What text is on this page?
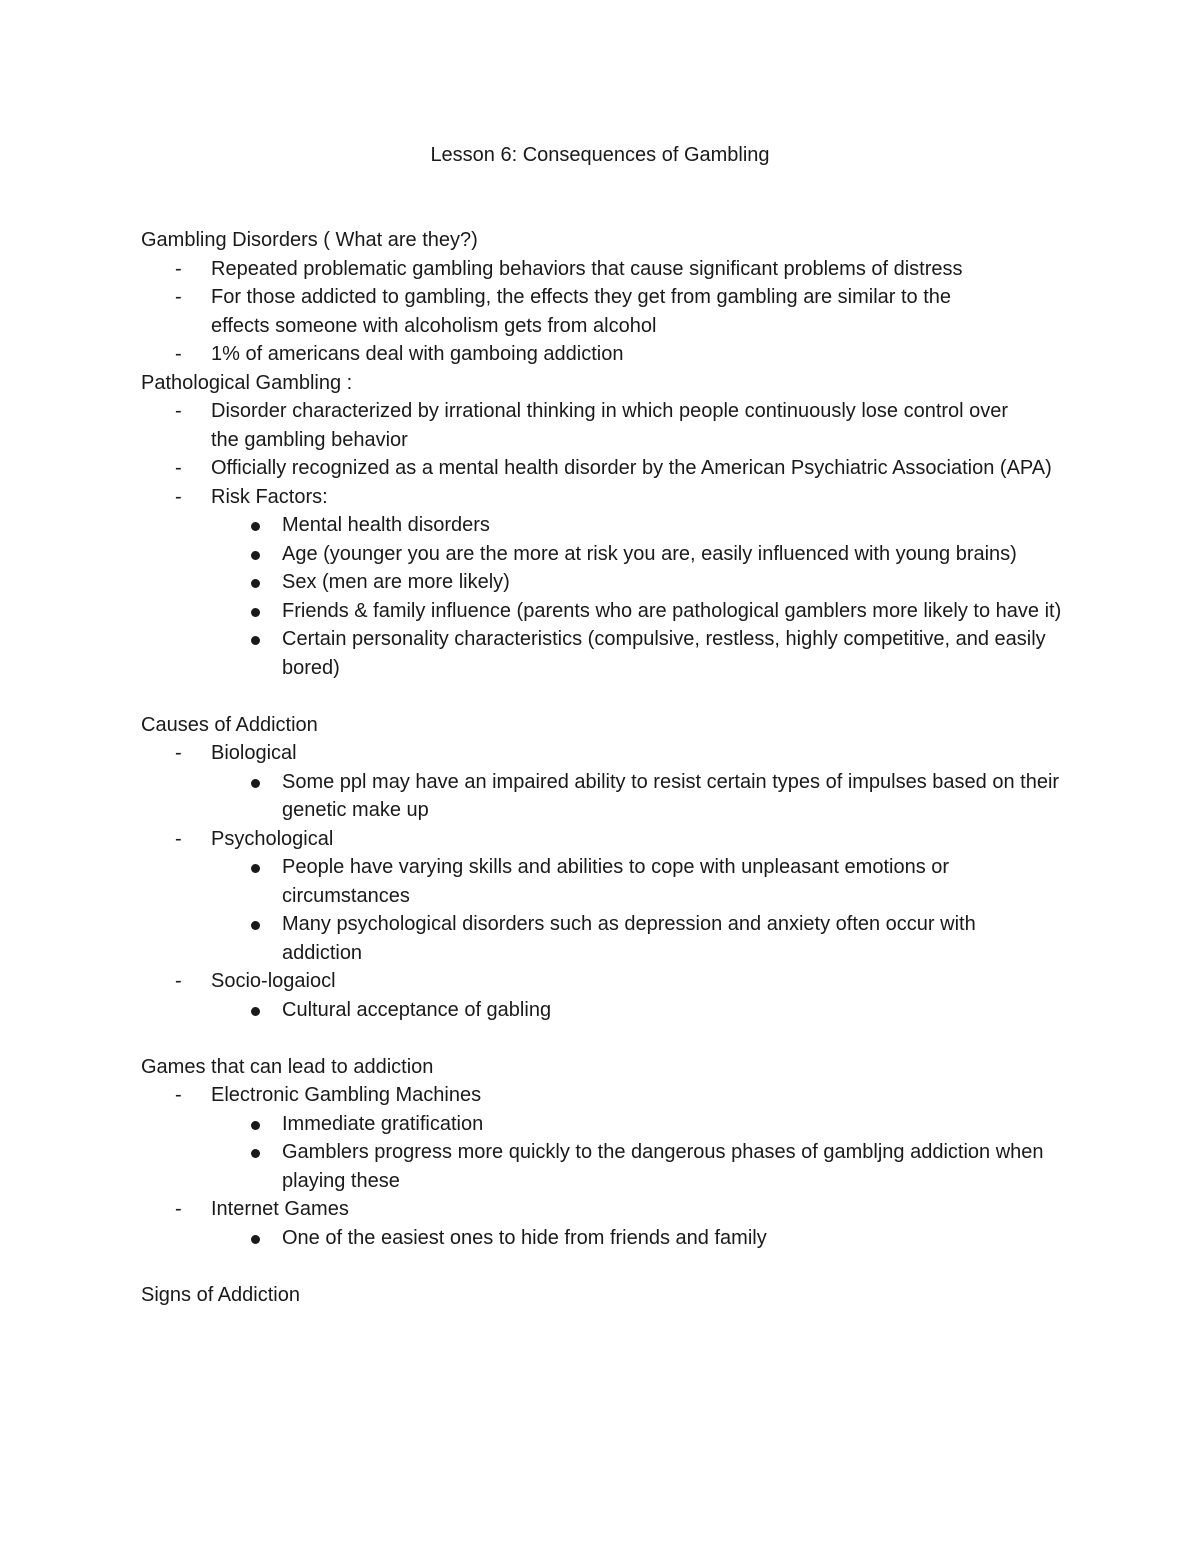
Lesson 6: Consequences of Gambling
Gambling Disorders ( What are they?)
-	Repeated problematic gambling behaviors that cause significant problems of distress
-	For those addicted to gambling, the effects they get from gambling are similar to the effects someone with alcoholism gets from alcohol
-	1% of americans deal with gamboing addiction
Pathological Gambling :
-	Disorder characterized by irrational thinking in which people continuously lose control over the gambling behavior
-	Officially recognized as a mental health disorder by the American Psychiatric Association (APA)
-	Risk Factors:
Mental health disorders
Age (younger you are the more at risk you are, easily influenced with young brains)
Sex (men are more likely)
Friends & family influence (parents who are pathological gamblers more likely to have it)
Certain personality characteristics (compulsive, restless, highly competitive, and easily bored)
Causes of Addiction
-	Biological
Some ppl may have an impaired ability to resist certain types of impulses based on their genetic make up
-	Psychological
People have varying skills and abilities to cope with unpleasant emotions or circumstances
Many psychological disorders such as depression and anxiety often occur with addiction
-	Socio-logaiocl
Cultural acceptance of gabling
Games that can lead to addiction
-	Electronic Gambling Machines
Immediate gratification
Gamblers progress more quickly to the dangerous phases of gambljng addiction when playing these
-	Internet Games
One of the easiest ones to hide from friends and family
Signs of Addiction
